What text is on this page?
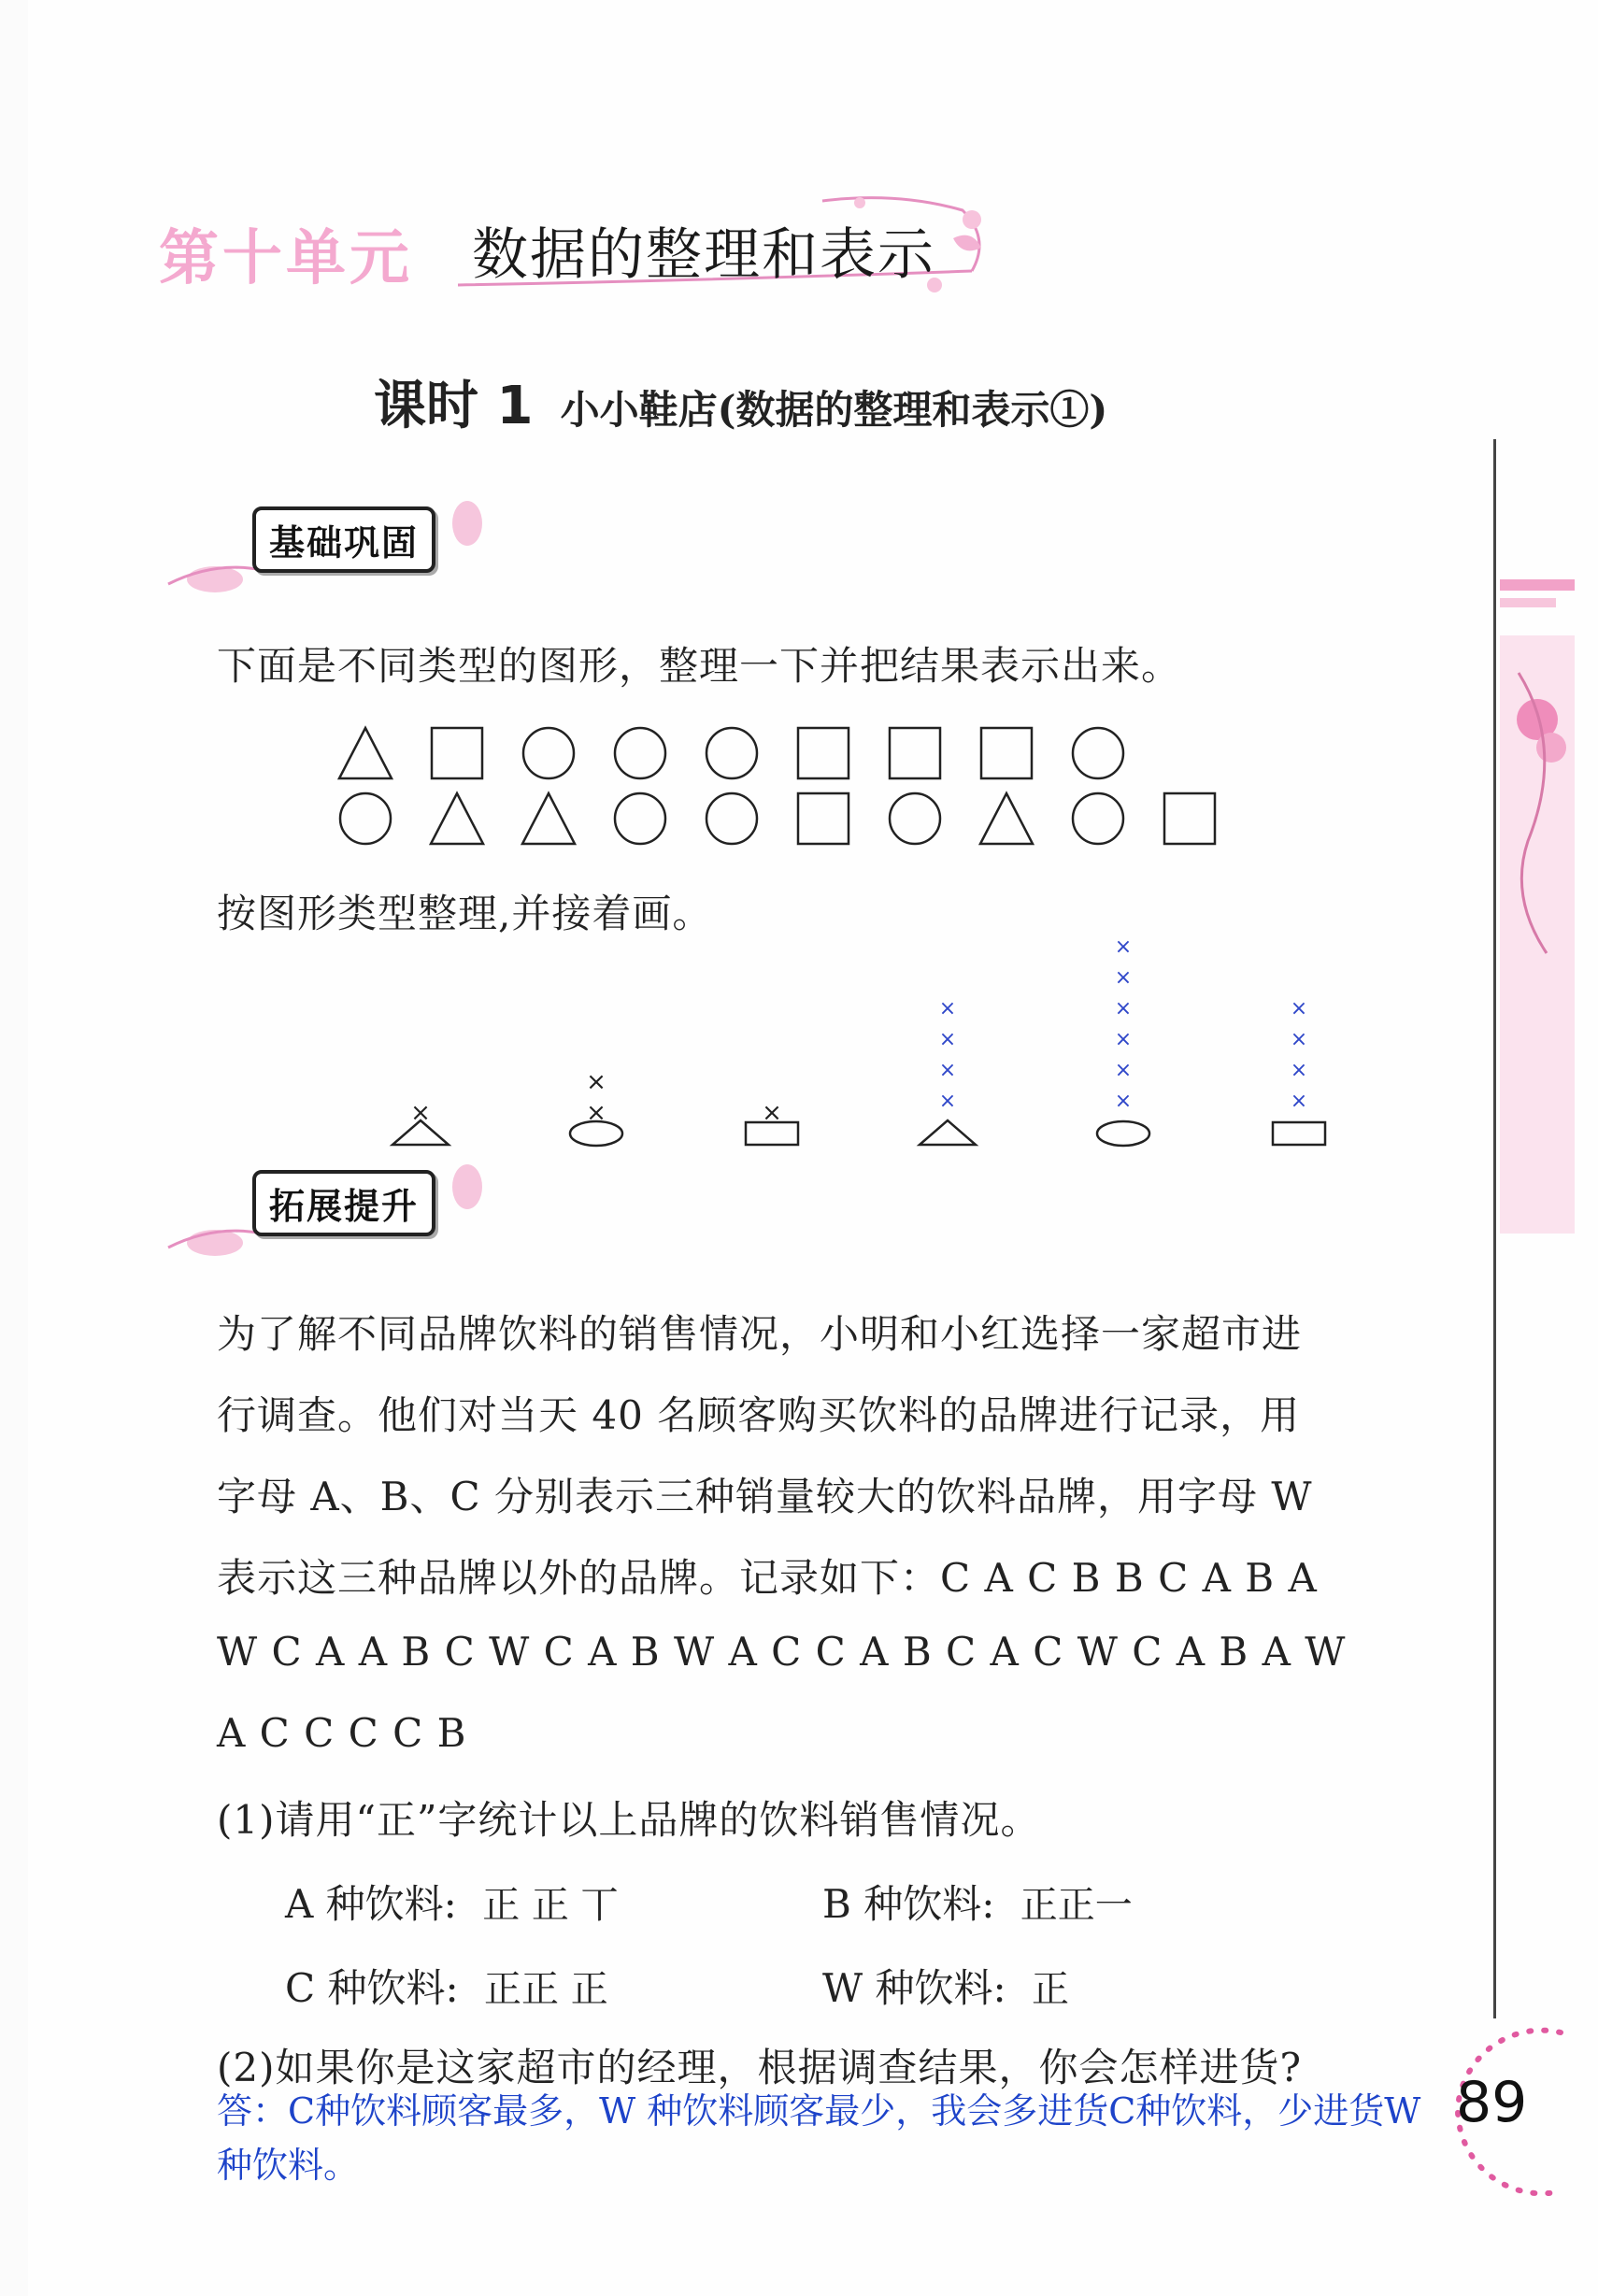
第十单元 数据的整理和表示
课时 1 小小鞋店(数据的整理和表示①)
基础巩固
下面是不同类型的图形，整理一下并把结果表示出来。
按图形类型整理,并接着画。
×	×
×
×	×
×
×
×
×
×
×
×
×
×
×
×
×
×
拓展提升
为了解不同品牌饮料的销售情况，小明和小红选择一家超市进
行调查。他们对当天 40 名顾客购买饮料的品牌进行记录，用
字母 A、B、C 分别表示三种销量较大的饮料品牌，用字母 W
表示这三种品牌以外的品牌。记录如下：C A C B B C A B A
W C A A B C W C A B W A C C A B C A C W C A B A W
A C C C C B
(1)请用“正”字统计以上品牌的饮料销售情况。
A 种饮料: 正 正 丅	B 种饮料: 正正一
C 种饮料: 正正 正	W 种饮料: 正
(2)如果你是这家超市的经理，根据调查结果，你会怎样进货?
答：C种饮料顾客最多，W 种饮料顾客最少，我会多进货C种饮料，少进货W 种饮料。
89
